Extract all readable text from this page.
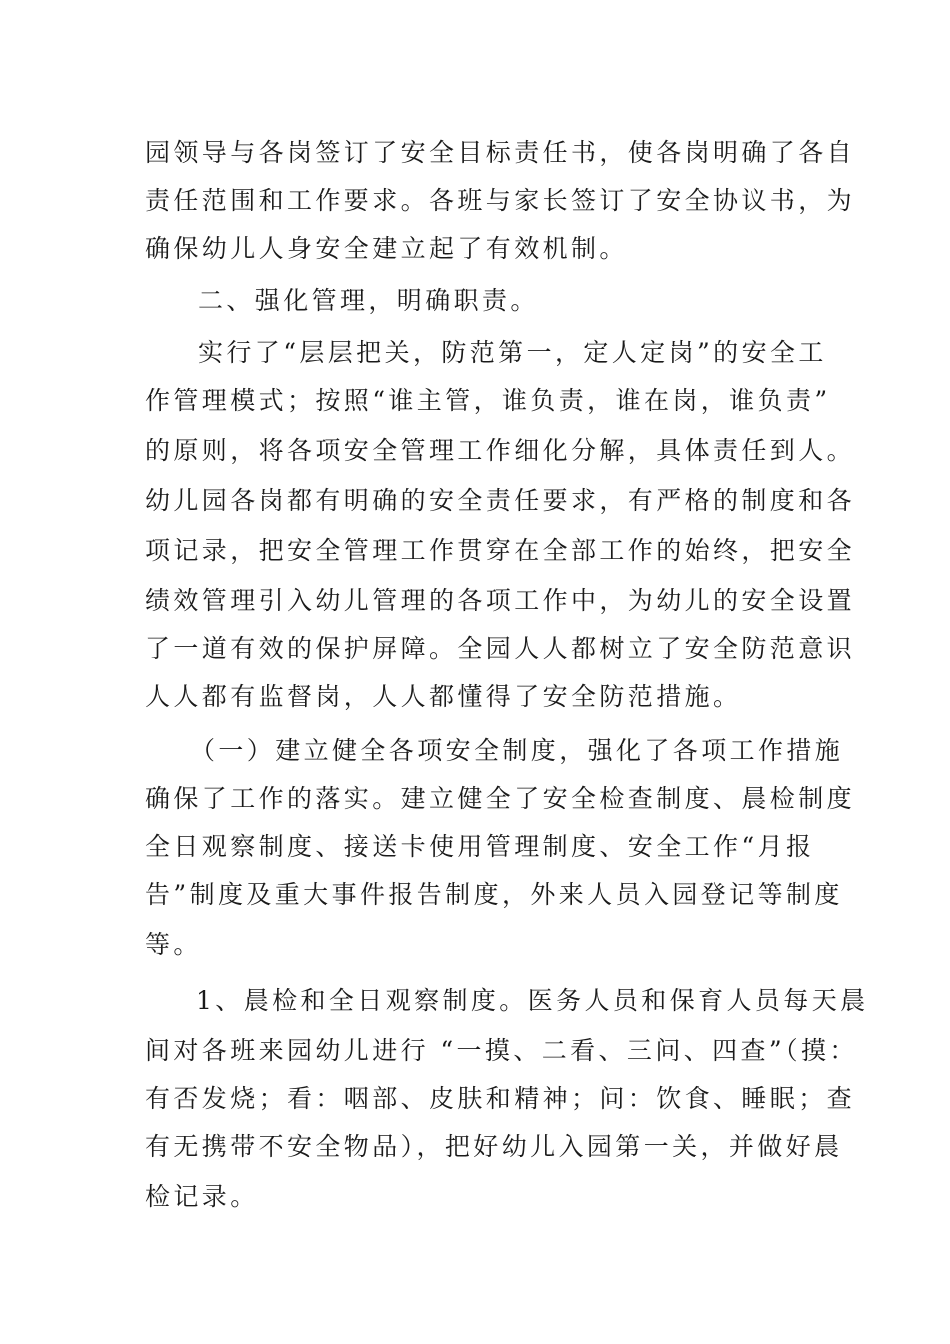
园领导与各岗签订了安全目标责任书，使各岗明确了各自
责任范围和工作要求。各班与家长签订了安全协议书，为
确保幼儿人身安全建立起了有效机制。
二、强化管理，明确职责。
实行了“层层把关，防范第一，定人定岗”的安全工
作管理模式；按照“谁主管，谁负责，谁在岗，谁负责”
的原则，将各项安全管理工作细化分解，具体责任到人。
幼儿园各岗都有明确的安全责任要求，有严格的制度和各
项记录，把安全管理工作贯穿在全部工作的始终，把安全
绩效管理引入幼儿管理的各项工作中，为幼儿的安全设置
了一道有效的保护屏障。全园人人都树立了安全防范意识
人人都有监督岗，人人都懂得了安全防范措施。
（一）建立健全各项安全制度，强化了各项工作措施
确保了工作的落实。建立健全了安全检查制度、晨检制度
全日观察制度、接送卡使用管理制度、安全工作“月报
告”制度及重大事件报告制度，外来人员入园登记等制度
等。
1、晨检和全日观察制度。医务人员和保育人员每天晨
间对各班来园幼儿进行 “一摸、二看、三问、四查”（摸：
有否发烧；看：咽部、皮肤和精神；问：饮食、睡眠；查
有无携带不安全物品），把好幼儿入园第一关，并做好晨
检记录。
